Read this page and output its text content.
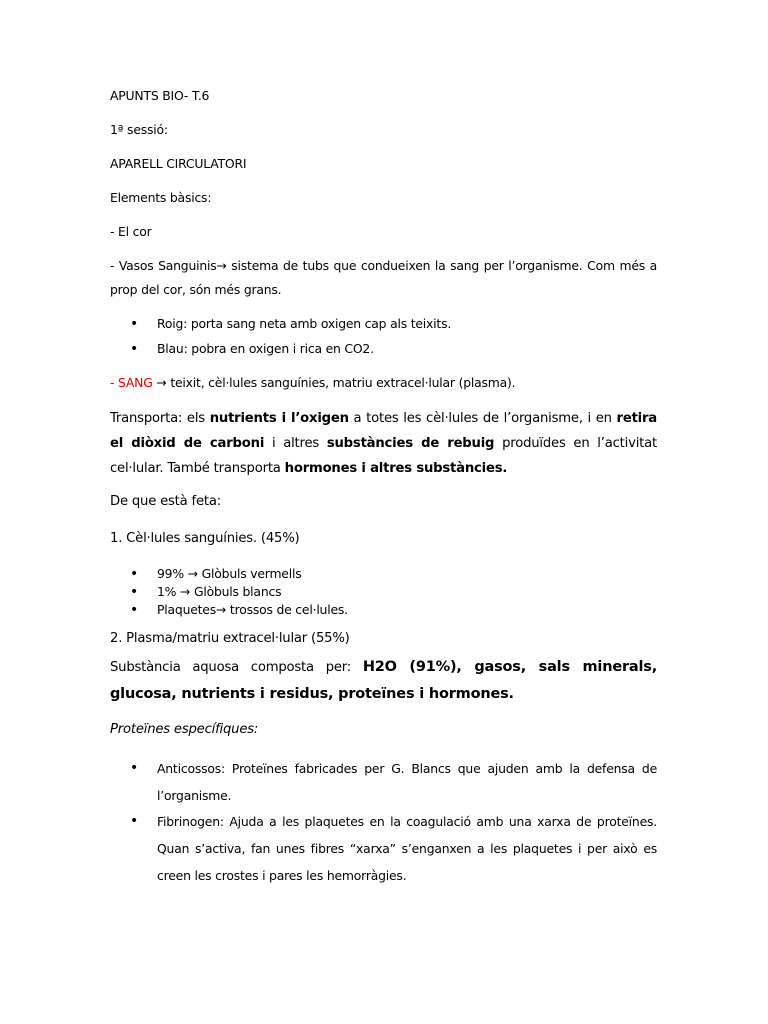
APUNTS BIO- T.6

1ª sessió:

APARELL CIRCULATORI

Elements bàsics:

- El cor

- Vasos Sanguinis→ sistema de tubs que condueixen la sang per l’organisme. Com més a prop del cor, són més grans.

• Roig: porta sang neta amb oxigen cap als teixits.
• Blau: pobra en oxigen i rica en CO2.

- SANG → teixit, cèl·lules sanguínies, matriu extracel·lular (plasma).

Transporta: els nutrients i l’oxigen a totes les cèl·lules de l’organisme, i en retira el diòxid de carboni i altres substàncies de rebuig produïdes en l’activitat cel·lular. També transporta hormones i altres substàncies.

De que està feta:

1. Cèl·lules sanguínies. (45%)

• 99% → Glòbuls vermells
• 1% → Glòbuls blancs
• Plaquetes→ trossos de cel·lules.

2. Plasma/matriu extracel·lular (55%)

Substància aquosa composta per: H2O (91%), gasos, sals minerals, glucosa, nutrients i residus, proteïnes i hormones.

Proteïnes específiques:

• Anticossos: Proteïnes fabricades per G. Blancs que ajuden amb la defensa de l’organisme.
• Fibrinogen: Ajuda a les plaquetes en la coagulació amb una xarxa de proteïnes. Quan s’activa, fan unes fibres “xarxa” s’enganxen a les plaquetes i per això es creen les crostes i pares les hemorràgies.
